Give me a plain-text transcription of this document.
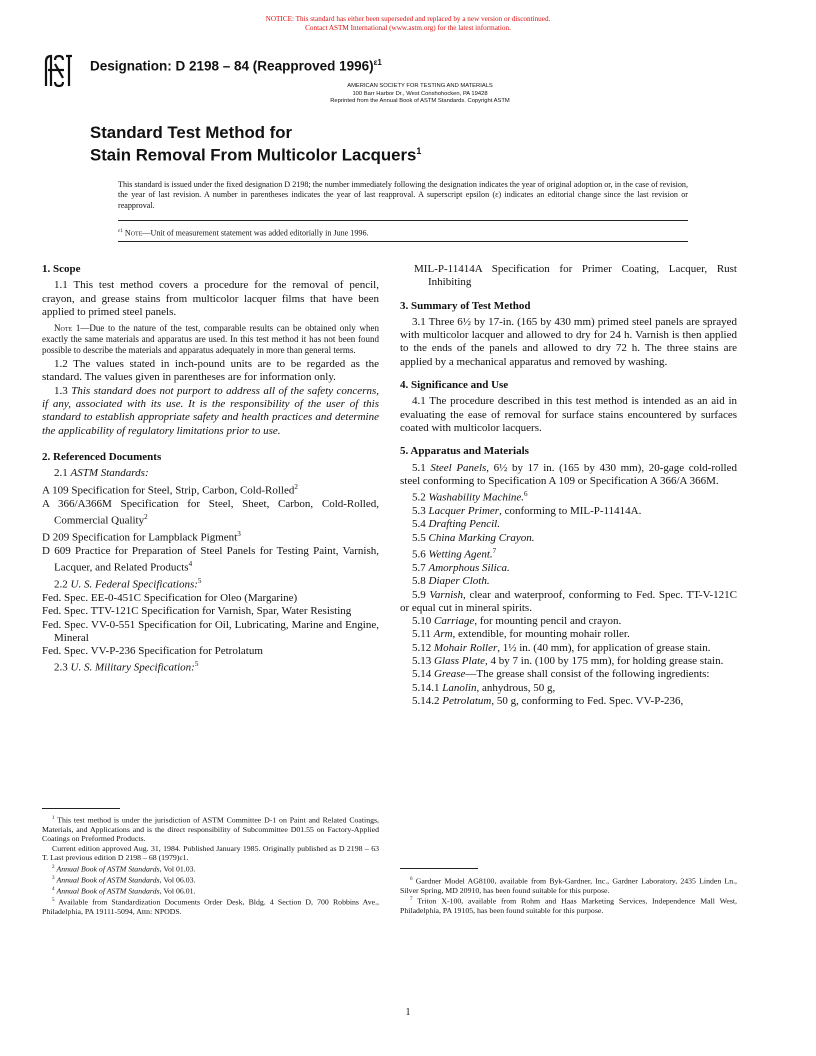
NOTICE: This standard has either been superseded and replaced by a new version or discontinued.
Contact ASTM International (www.astm.org) for the latest information.
Designation: D 2198 – 84 (Reapproved 1996)$^{\varepsilon 1}$
AMERICAN SOCIETY FOR TESTING AND MATERIALS
100 Barr Harbor Dr., West Conshohocken, PA 19428
Reprinted from the Annual Book of ASTM Standards. Copyright ASTM
Standard Test Method for
Stain Removal From Multicolor Lacquers$^1$
This standard is issued under the fixed designation D 2198; the number immediately following the designation indicates the year of original adoption or, in the case of revision, the year of last revision. A number in parentheses indicates the year of last reapproval. A superscript epsilon (ε) indicates an editorial change since the last revision or reapproval.
$^{\varepsilon 1}$ Note—Unit of measurement statement was added editorially in June 1996.
1. Scope

1.1 This test method covers a procedure for the removal of pencil, crayon, and grease stains from multicolor lacquer films that have been applied to primed steel panels.

Note 1—Due to the nature of the test, comparable results can be obtained only when exactly the same materials and apparatus are used. In this test method it has not been found possible to describe the materials and apparatus adequately in more than general terms.

1.2 The values stated in inch-pound units are to be regarded as the standard. The values given in parentheses are for information only.

1.3 This standard does not purport to address all of the safety concerns, if any, associated with its use. It is the responsibility of the user of this standard to establish appropriate safety and health practices and determine the applicability of regulatory limitations prior to use.

2. Referenced Documents

2.1 ASTM Standards:

A 109 Specification for Steel, Strip, Carbon, Cold-Rolled$^2$

A 366/A366M Specification for Steel, Sheet, Carbon, Cold-Rolled, Commercial Quality$^2$

D 209 Specification for Lampblack Pigment$^3$

D 609 Practice for Preparation of Steel Panels for Testing Paint, Varnish, Lacquer, and Related Products$^4$

2.2 U. S. Federal Specifications:$^5$

Fed. Spec. EE-0-451C Specification for Oleo (Margarine)

Fed. Spec. TTV-121C Specification for Varnish, Spar, Water Resisting

Fed. Spec. VV-0-551 Specification for Oil, Lubricating, Marine and Engine, Mineral

Fed. Spec. VV-P-236 Specification for Petrolatum

2.3 U. S. Military Specification:$^5$

$^1$ This test method is under the jurisdiction of ASTM Committee D-1 on Paint and Related Coatings, Materials, and Applications and is the direct responsibility of Subcommittee D01.55 on Factory-Applied Coatings on Preformed Products.

Current edition approved Aug. 31, 1984. Published January 1985. Originally published as D 2198 – 63 T. Last previous edition D 2198 – 68 (1979)ε1.

$^2$ Annual Book of ASTM Standards, Vol 01.03.

$^3$ Annual Book of ASTM Standards, Vol 06.03.

$^4$ Annual Book of ASTM Standards, Vol 06.01.

$^5$ Available from Standardization Documents Order Desk, Bldg. 4 Section D, 700 Robbins Ave., Philadelphia, PA 19111-5094, Attn: NPODS.

MIL-P-11414A Specification for Primer Coating, Lacquer, Rust Inhibiting

3. Summary of Test Method

3.1 Three 6½ by 17-in. (165 by 430 mm) primed steel panels are sprayed with multicolor lacquer and allowed to dry for 24 h. Varnish is then applied to the ends of the panels and allowed to dry 72 h. The three stains are applied by a mechanical apparatus and removed by washing.

4. Significance and Use

4.1 The procedure described in this test method is intended as an aid in evaluating the ease of removal for surface stains encountered by surfaces coated with multicolor lacquers.

5. Apparatus and Materials

5.1 Steel Panels, 6½ by 17 in. (165 by 430 mm), 20-gage cold-rolled steel conforming to Specification A 109 or Specification A 366/A 366M.

5.2 Washability Machine.$^6$

5.3 Lacquer Primer, conforming to MIL-P-11414A.

5.4 Drafting Pencil.

5.5 China Marking Crayon.

5.6 Wetting Agent.$^7$

5.7 Amorphous Silica.

5.8 Diaper Cloth.

5.9 Varnish, clear and waterproof, conforming to Fed. Spec. TT-V-121C or equal cut in mineral spirits.

5.10 Carriage, for mounting pencil and crayon.

5.11 Arm, extendible, for mounting mohair roller.

5.12 Mohair Roller, 1½ in. (40 mm), for application of grease stain.

5.13 Glass Plate, 4 by 7 in. (100 by 175 mm), for holding grease stain.

5.14 Grease—The grease shall consist of the following ingredients:

5.14.1 Lanolin, anhydrous, 50 g,

5.14.2 Petrolatum, 50 g, conforming to Fed. Spec. VV-P-236,

$^6$ Gardner Model AG8100, available from Byk-Gardner, Inc., Gardner Laboratory, 2435 Linden Ln., Silver Spring, MD 20910, has been found suitable for this purpose.

$^7$ Triton X-100, available from Rohm and Haas Marketing Services, Independence Mall West, Philadelphia, PA 19105, has been found suitable for this purpose.

1
